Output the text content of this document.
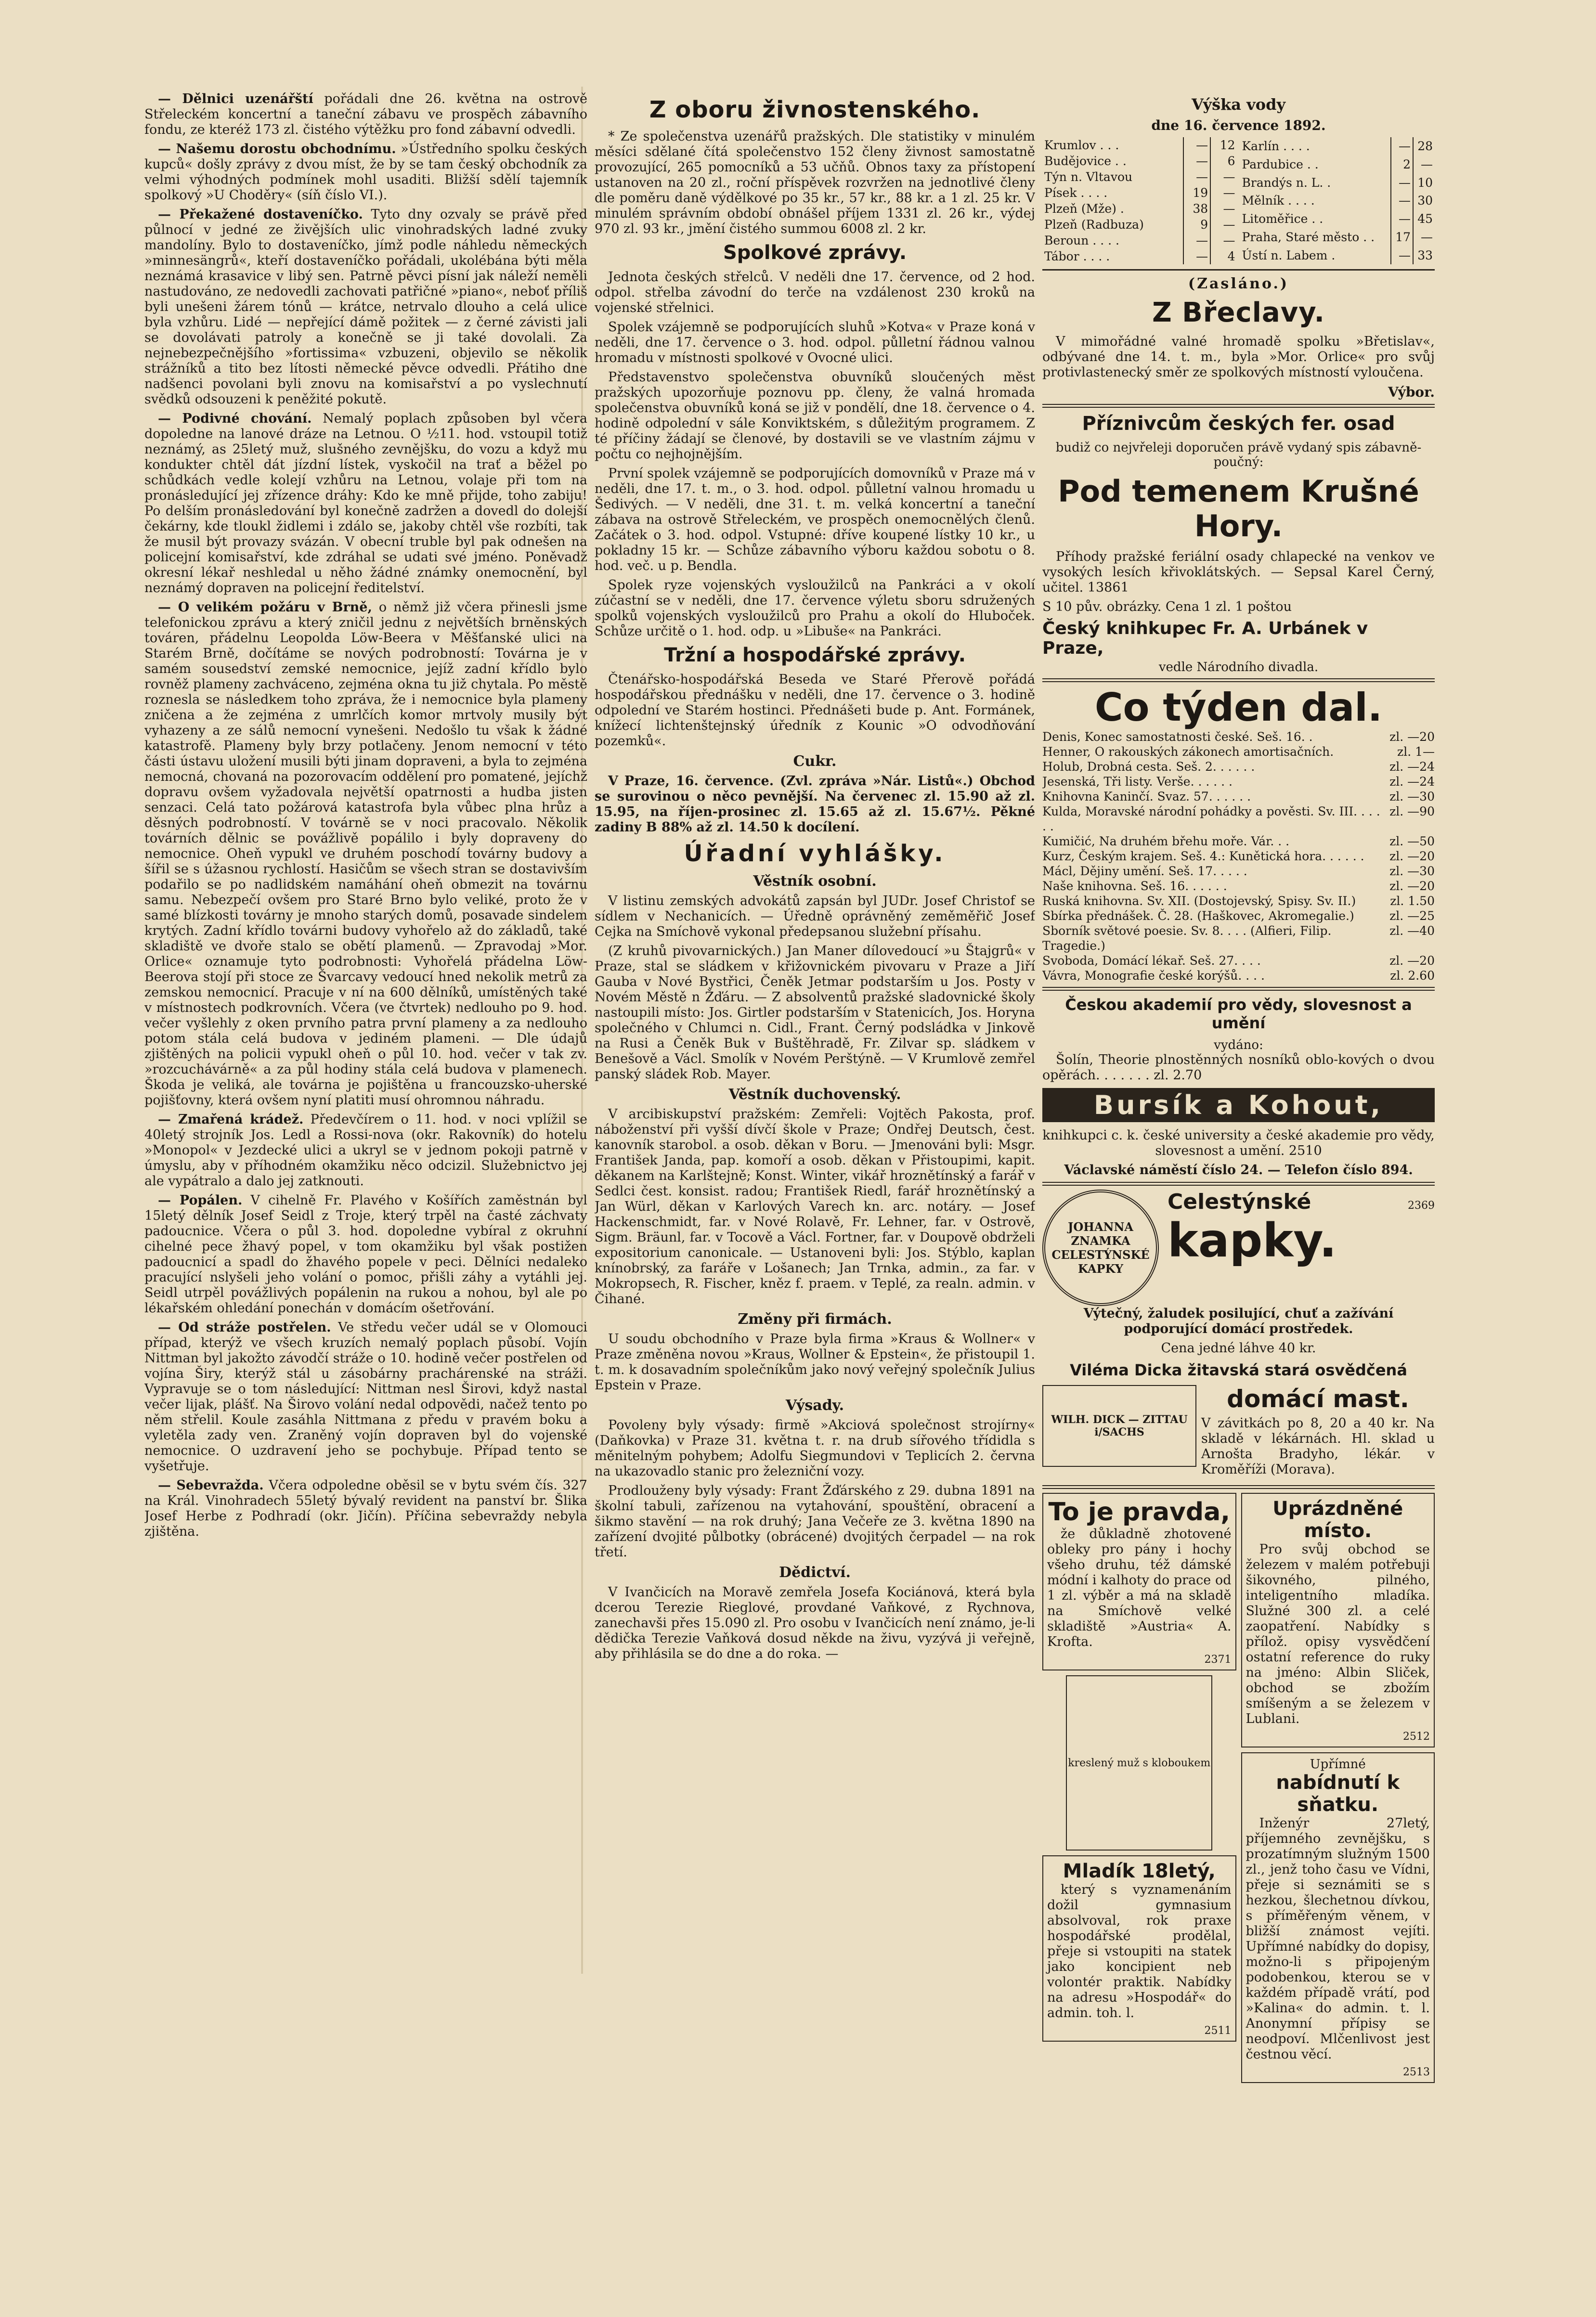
— Dělnici uzenářští pořádali dne 26. května na ostrově Střeleckém koncertní a taneční zábavu ve prospěch zábavního fondu, ze kteréž 173 zl. čistého výtěžku pro fond zábavní odvedli.

— Našemu dorostu obchodnímu. »Ústředního spolku českých kupců« došly zprávy z dvou míst, že by se tam český obchodník za velmi výhodných podmínek mohl usaditi. Bližší sdělí tajemník spolkový »U Choděry« (síň číslo VI.).

— Překažené dostaveníčko. Tyto dny ozvaly se právě před půlnocí v jedné ze živějších ulic vinohradských ladné zvuky mandolíny. Bylo to dostaveníčko, jímž podle náhledu německých »minnesängrů«, kteří dostaveníčko pořádali, ukolébána býti měla neznámá krasavice v libý sen. Patrně pěvci písní jak náleží neměli nastudováno, ze nedovedli zachovati patřičné »piano«, neboť příliš byli unešeni žárem tónů — krátce, netrvalo dlouho a celá ulice byla vzhůru. Lidé — nepřející dámě požitek — z černé závisti jali se dovolávati patroly a konečně se ji také dovolali. Za nejnebezpečnějšího »fortissima« vzbuzeni, objevilo se několik strážníků a tito bez lítosti německé pěvce odvedli. Přátiho dne nadšenci povolani byli znovu na komisařství a po vyslechnutí svědků odsouzeni k peněžité pokutě.

— Podivné chování. Nemalý poplach způsoben byl včera dopoledne na lanové dráze na Letnou. O ½11. hod. vstoupil totiž neznámý, as 25letý muž, slušného zevnějšku, do vozu a když mu kondukter chtěl dát jízdní lístek, vyskočil na trať a běžel po schůdkách vedle kolejí vzhůru na Letnou, volaje při tom na pronásledující jej zřízence dráhy: Kdo ke mně přijde, toho zabiju! Po delším pronásledování byl konečně zadržen a dovedl do dolejší čekárny, kde tloukl židlemi i zdálo se, jakoby chtěl vše rozbíti, tak že musil být provazy svázán. V obecní truble byl pak odnešen na policejní komisařství, kde zdráhal se udati své jméno. Poněvadž okresní lékař neshledal u něho žádné známky onemocnění, byl neznámý dopraven na policejní ředitelství.

— O velikém požáru v Brně, o němž již včera přinesli jsme telefonickou zprávu a který zničil jednu z největších brněnských továren, přádelnu Leopolda Löw-Beera v Měšťanské ulici na Starém Brně, dočítáme se nových podrobností: Továrna je v samém sousedství zemské nemocnice, jejíž zadní křídlo bylo rovněž plameny zachváceno, zejména okna tu již chytala. Po městě roznesla se následkem toho zpráva, že i nemocnice byla plameny zničena a že zejména z umrlčích komor mrtvoly musily být vyhazeny a ze sálů nemocní vynešeni. Nedošlo tu však k žádné katastrofě. Plameny byly brzy potlačeny. Jenom nemocní v této části ústavu uložení musili býti jinam dopraveni, a byla to zejména nemocná, chovaná na pozorovacím oddělení pro pomatené, jejíchž dopravu ovšem vyžadovala největší opatrnosti a hudba jisten senzaci. Celá tato požárová katastrofa byla vůbec plna hrůz a děsných podrobností. V továrně se v noci pracovalo. Několik továrních dělnic se povážlivě popálilo i byly dopraveny do nemocnice. Oheň vypukl ve druhém poschodí továrny budovy a šířil se s úžasnou rychlostí. Hasičům se všech stran se dostavivším podařilo se po nadlidském namáhání oheň obmezit na továrnu samu. Nebezpečí ovšem pro Staré Brno bylo veliké, proto že v samé blízkosti továrny je mnoho starých domů, posavade sindelem krytých. Zadní křídlo továrni budovy vyhořelo až do základů, také skladiště ve dvoře stalo se obětí plamenů. — Zpravodaj »Mor. Orlice« oznamuje tyto podrobnosti: Vyhořelá přádelna Löw-Beerova stojí při stoce ze Švarcavy vedoucí hned nekolik metrů za zemskou nemocnicí. Pracuje v ní na 600 dělníků, umístěných také v místnostech podkrovních. Včera (ve čtvrtek) nedlouho po 9. hod. večer vyšlehly z oken prvního patra první plameny a za nedlouho potom stála celá budova v jediném plameni. — Dle údajů zjištěných na policii vypukl oheň o půl 10. hod. večer v tak zv. »rozcuchávárně« a za půl hodiny stála celá budova v plamenech. Škoda je veliká, ale továrna je pojištěna u francouzsko-uherské pojišťovny, která ovšem nyní platiti musí ohromnou náhradu.

— Zmařená krádež. Předevčírem o 11. hod. v noci vplížil se 40letý strojník Jos. Ledl a Rossi-nova (okr. Rakovník) do hotelu »Monopol« v Jezdecké ulici a ukryl se v jednom pokoji patrně v úmyslu, aby v příhodném okamžiku něco odcizil. Služebnictvo jej ale vypátralo a dalo jej zatknouti.

— Popálen. V cihelně Fr. Plavého v Košířích zaměstnán byl 15letý dělník Josef Seidl z Troje, který trpěl na časté záchvaty padoucnice. Včera o půl 3. hod. dopoledne vybíral z okruhní cihelné pece žhavý popel, v tom okamžiku byl však postižen padoucnicí a spadl do žhavého popele v peci. Dělníci nedaleko pracující nslyšeli jeho volání o pomoc, přišli záhy a vytáhli jej. Seidl utrpěl povážlivých popálenin na rukou a nohou, byl ale po lékařském ohledání ponechán v domácím ošetřování.

— Od stráže postřelen. Ve středu večer udál se v Olomouci případ, kterýž ve všech kruzích nemalý poplach působí. Vojín Nittman byl jakožto závodčí stráže o 10. hodině večer postřelen od vojína Širy, kterýž stál u zásobárny prachárenské na stráži. Vypravuje se o tom následující: Nittman nesl Širovi, když nastal večer lijak, plášť. Na Širovo volání nedal odpovědi, načež tento po něm střelil. Koule zasáhla Nittmana z předu v pravém boku a vyletěla zady ven. Zraněný vojín dopraven byl do vojenské nemocnice. O uzdravení jeho se pochybuje. Případ tento se vyšetřuje.

— Sebevražda. Včera odpoledne oběsil se v bytu svém čís. 327 na Král. Vinohradech 55letý bývalý revident na panství br. Šlika Josef Herbe z Podhradí (okr. Jičín). Příčina sebevraždy nebyla zjištěna.

Z oboru živnostenského.

* Ze společenstva uzenářů pražských. Dle statistiky v minulém měsíci sdělané čítá společenstvo 152 členy živnost samostatně provozující, 265 pomocníků a 53 učňů. Obnos taxy za přístopení ustanoven na 20 zl., roční příspěvek rozvržen na jednotlivé členy dle poměru daně výdělkové po 35 kr., 57 kr., 88 kr. a 1 zl. 25 kr. V minulém správním období obnášel příjem 1331 zl. 26 kr., výdej 970 zl. 93 kr., jmění čistého summou 6008 zl. 2 kr.

Spolkové zprávy.

Jednota českých střelců. V neděli dne 17. července, od 2 hod. odpol. střelba závodní do terče na vzdálenost 230 kroků na vojenské střelnici.

Spolek vzájemně se podporujících sluhů »Kotva« v Praze koná v neděli, dne 17. července o 3. hod. odpol. půlletní řádnou valnou hromadu v místnosti spolkové v Ovocné ulici.

Představenstvo společenstva obuvníků sloučených měst pražských upozorňuje poznovu pp. členy, že valná hromada společenstva obuvníků koná se již v pondělí, dne 18. července o 4. hodině odpolední v sále Konviktském, s důležitým programem. Z té příčiny žádají se členové, by dostavili se ve vlastním zájmu v počtu co nejhojnějším.

První spolek vzájemně se podporujících domovníků v Praze má v neděli, dne 17. t. m., o 3. hod. odpol. půlletní valnou hromadu u Šedivých. — V neděli, dne 31. t. m. velká koncertní a taneční zábava na ostrově Střeleckém, ve prospěch onemocnělých členů. Začátek o 3. hod. odpol. Vstupné: dříve koupené lístky 10 kr., u pokladny 15 kr. — Schůze zábavního výboru každou sobotu o 8. hod. več. u p. Bendla.

Spolek ryze vojenských vysloužilců na Pankráci a v okolí zúčastní se v neděli, dne 17. července výletu sboru sdružených spolků vojenských vysloužilců pro Prahu a okolí do Hluboček. Schůze určitě o 1. hod. odp. u »Libuše« na Pankráci.

Tržní a hospodářské zprávy.

Čtenářsko-hospodářská Beseda ve Staré Přerově pořádá hospodářskou přednášku v neděli, dne 17. července o 3. hodině odpolední ve Starém hostinci. Přednášeti bude p. Ant. Formánek, knížecí lichtenštejnský úředník z Kounic »O odvodňování pozemků«.

Cukr.

V Praze, 16. července. (Zvl. zpráva »Nár. Listů«.) Obchod se surovinou o něco pevnější. Na červenec zl. 15.90 až zl. 15.95, na říjen-prosinec zl. 15.65 až zl. 15.67½. Pěkné zadiny B 88% až zl. 14.50 k docílení.

Úřadní vyhlášky.
Věstník osobní.

V listinu zemských advokátů zapsán byl JUDr. Josef Christof se sídlem v Nechanicích. — Úředně oprávněný zeměměřič Josef Cejka na Smíchově vykonal předepsanou služební přísahu.

(Z kruhů pivovarnických.) Jan Maner dílovedoucí »u Štajgrů« v Praze, stal se sládkem v křižovnickém pivovaru v Praze a Jiří Gauba v Nové Bystřici, Čeněk Jetmar podstarším u Jos. Posty v Novém Městě n Žďáru. — Z absolventů pražské sladovnické školy nastoupili místo: Jos. Girtler podstarším v Statenicích, Jos. Horyna společného v Chlumci n. Cidl., Frant. Černý podsládka v Jinkově na Rusi a Čeněk Buk v Buštěhradě, Fr. Zilvar sp. sládkem v Benešově a Václ. Smolík v Novém Perštýně. — V Krumlově zemřel panský sládek Rob. Mayer.

Věstník duchovenský.

V arcibiskupství pražském: Zemřeli: Vojtěch Pakosta, prof. náboženství při vyšší dívčí škole v Praze; Ondřej Deutsch, čest. kanovník starobol. a osob. děkan v Boru. — Jmenováni byli: Msgr. František Janda, pap. komoří a osob. děkan v Přistoupimi, kapit. děkanem na Karlštejně; Konst. Winter, vikář hroznětínský a farář v Sedlci čest. konsist. radou; František Riedl, farář hroznětínský a Jan Würl, děkan v Karlových Varech kn. arc. notáry. — Josef Hackenschmidt, far. v Nové Rolavě, Fr. Lehner, far. v Ostrově, Sigm. Bräunl, far. v Tocově a Václ. Fortner, far. v Doupově obdrželi expositorium canonicale. — Ustanoveni byli: Jos. Stýblo, kaplan knínobrský, za faráře v Lošanech; Jan Trnka, admin., za far. v Mokropsech, R. Fischer, kněz f. praem. v Teplé, za realn. admin. v Čihané.

Změny při firmách.

U soudu obchodního v Praze byla firma »Kraus & Wollner« v Praze změněna novou »Kraus, Wollner & Epstein«, že přistoupil 1. t. m. k dosavadním společníkům jako nový veřejný společník Julius Epstein v Praze.

Výsady.

Povoleny byly výsady: firmě »Akciová společnost strojírny« (Daňkovka) v Praze 31. května t. r. na drub sířového třídidla s měnitelným pohybem; Adolfu Siegmundovi v Teplicích 2. června na ukazovadlo stanic pro železniční vozy.

Prodlouženy byly výsady: Frant Žďárského z 29. dubna 1891 na školní tabuli, zařízenou na vytahování, spouštění, obracení a šikmo stavění — na rok druhý; Jana Večeře ze 3. května 1890 na zařízení dvojité půlbotky (obrácené) dvojitých čerpadel — na rok třetí.

Dědictví.

V Ivančicích na Moravě zemřela Josefa Kociánová, která byla dcerou Terezie Rieglové, provdané Vaňkové, z Rychnova, zanechavši přes 15.090 zl. Pro osobu v Ivančicích není známo, je-li dědička Terezie Vaňková dosud někde na živu, vyzývá ji veřejně, aby přihlásila se do dne a do roka. —

Výška vody
dne 16. července 1892.
Krumlov . . .	—	12
Budějovice . .	—	6
Týn n. Vltavou	—	—
Písek . . . .	19	—
Plzeň (Mže) .	38	—
Plzeň (Radbuza)	9	—
Beroun . . . .	—	—
Tábor . . . .	—	4
Karlín . . . .	—	28
Pardubice . .	2	—
Brandýs n. L. .	—	10
Mělník . . . .	—	30
Litoměřice . .	—	45
Praha, Staré město . .	17	—
Ústí n. Labem .	—	33
(Zasláno.)
Z Břeclavy.

V mimořádné valné hromadě spolku »Břetislav«, odbývané dne 14. t. m., byla »Mor. Orlice« pro svůj protivlastenecký směr ze spolkových místností vyloučena.

Výbor.
Příznivcům českých fer. osad
budiž co nejvřeleji doporučen právě vydaný spis zábavně-poučný:
Pod temenem Krušné Hory.

Příhody pražské feriální osady chlapecké na venkov ve vysokých lesích křivoklátských. — Sepsal Karel Černý, učitel. 13861

S 10 pův. obrázky. Cena 1 zl. 1 poštou

Český knihkupec Fr. A. Urbánek v Praze,
vedle Národního divadla.
Co týden dal.
Denis, Konec samostatnosti české. Seš. 16. .	zl. —20
Henner, O rakouských zákonech amortisačních.	zl. 1—
Holub, Drobná cesta. Seš. 2. . . . . .	zl. —24
Jesenská, Tři listy. Verše. . . . . .	zl. —24
Knihovna Kaninčí. Svaz. 57. . . . . .	zl. —30
Kulda, Moravské národní pohádky a pověsti. Sv. III. . . . . .
zl. —90
Kumičić, Na druhém břehu moře. Vár. . .	zl. —50
Kurz, Českým krajem. Seš. 4.: Kunětická hora. . . . . . zl. —20
Mácl, Dějiny umění. Seš. 17. . . . .	zl. —30
Naše knihovna. Seš. 16. . . . . .	zl. —20
Ruská knihovna. Sv. XII. (Dostojevský, Spisy. Sv. II.)	zl. 1.50
Sbírka přednášek. Č. 28. (Haškovec, Akromegalie.)	zl. —25
Sborník světové poesie. Sv. 8. . . . (Alfieri, Filip. Tragedie.)
zl. —40
Svoboda, Domácí lékař. Seš. 27. . . .	zl. —20
Vávra, Monografie české korýšů. . . .	zl. 2.60
Českou akademií pro vědy, slovesnost a umění
vydáno:

Šolín, Theorie plnostěnných nosníků oblo-kových o dvou opěrách. . . . . . . zl. 2.70

Bursík a Kohout,

knihkupci c. k. české university a české akademie pro vědy, slovesnost a umění. 2510

Václavské náměstí číslo 24. — Telefon číslo 894.

JOHANNA ZNAMKA CELESTÝNSKÉ KAPKY
Celestýnské	2369
kapky.

Výtečný, žaludek posilující, chuť a zažívání podporující domácí prostředek.

Cena jedné láhve 40 kr.

Viléma Dicka žitavská stará osvědčená
WILH. DICK — ZITTAU i/SACHS
domácí mast.

V závitkách po 8, 20 a 40 kr. Na skladě v lékárnách. Hl. sklad u Arnošta Bradyho, lékár. v Kroměříži (Morava).

To je pravda,

že důkladně zhotovené obleky pro pány i hochy všeho druhu, též dámské módní i kalhoty do prace od 1 zl. výběr a má na skladě na Smíchově velké skladiště »Austria« A. Krofta.

2371
kreslený muž s kloboukem
Mladík 18letý,

který s vyznamenáním dožil gymnasium absolvoval, rok praxe hospodářské prodělal, přeje si vstoupiti na statek jako koncipient neb volontér praktik. Nabídky na adresu »Hospodář« do admin. toh. l.

2511
Uprázdněné místo.

Pro svůj obchod se železem v malém potřebuji šikovného, pilného, inteligentního mladíka. Služné 300 zl. a celé zaopatření. Nabídky s přílož. opisy vysvědčení ostatní reference do ruky na jméno: Albin Sliček, obchod se zbožím smíšeným a se železem v Lublani.

2512
Upřímné
nabídnutí k sňatku.

Inženýr 27letý, příjemného zevnějšku, s prozatímným služným 1500 zl., jenž toho času ve Vídni, přeje si seznámiti se s hezkou, šlechetnou dívkou, s příměřeným věnem, v bližší známost vejíti. Upřímné nabídky do dopisy, možno-li s připojeným podobenkou, kterou se v každém případě vrátí, pod »Kalina« do admin. t. l. Anonymní přípisy se neodpoví. Mlčenlivost jest čestnou věcí.

2513
